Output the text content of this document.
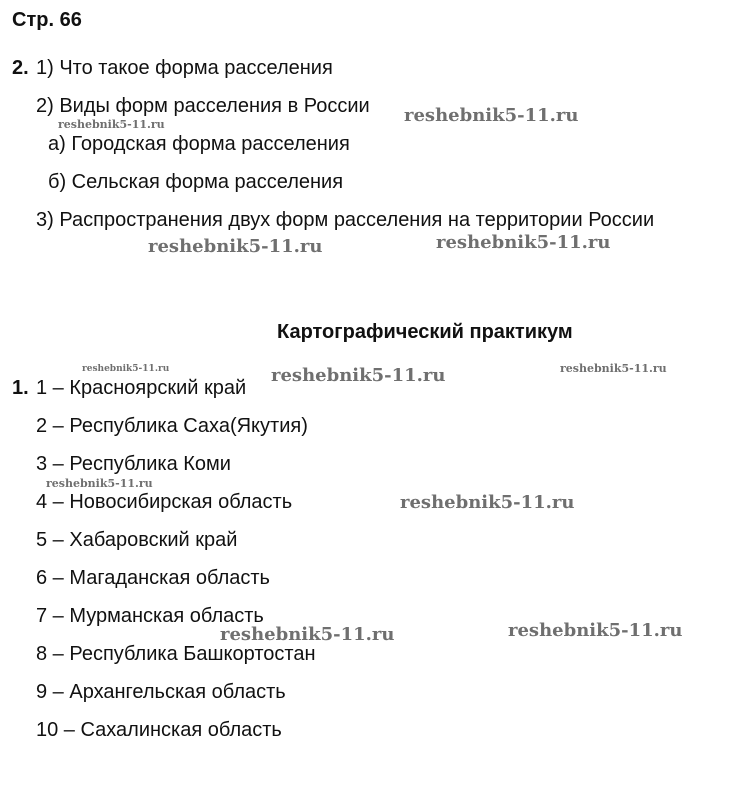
Стр. 66
2. 1) Что такое форма расселения
2) Виды форм расселения в России
а) Городская форма расселения
б) Сельская форма расселения
3) Распространения двух форм расселения на территории России
Картографический практикум
1. 1 – Красноярский край
2 – Республика Саха(Якутия)
3 – Республика Коми
4 – Новосибирская область
5 – Хабаровский край
6 – Магаданская область
7 – Мурманская область
8 – Республика Башкортостан
9 – Архангельская область
10 – Сахалинская область
reshebnik5-11.ru
reshebnik5-11.ru
reshebnik5-11.ru	reshebnik5-11.ru
reshebnik5-11.ru	reshebnik5-11.ru	reshebnik5-11.ru
reshebnik5-11.ru
reshebnik5-11.ru
reshebnik5-11.ru	reshebnik5-11.ru
